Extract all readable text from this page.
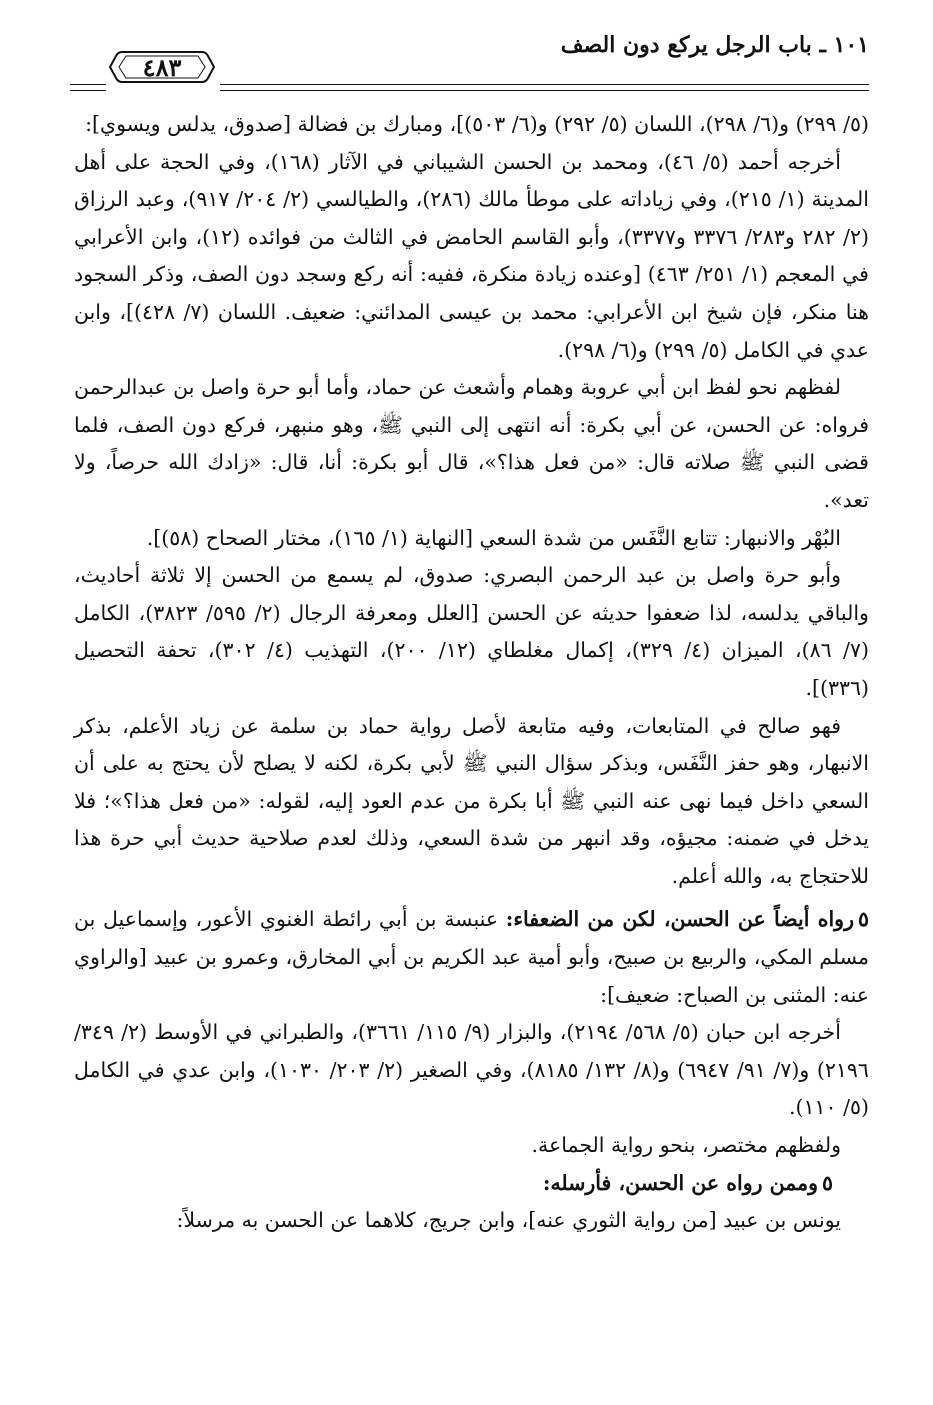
١٠١ ـ باب الرجل يركع دون الصف
٤٨٣

(٥/ ٢٩٩) و(٦/ ٢٩٨)، اللسان (٥/ ٢٩٢) و(٦/ ٥٠٣)]، ومبارك بن فضالة [صدوق، يدلس ويسوي]:

أخرجه أحمد (٥/ ٤٦)، ومحمد بن الحسن الشيباني في الآثار (١٦٨)، وفي الحجة على أهل المدينة (١/ ٢١٥)، وفي زياداته على موطأ مالك (٢٨٦)، والطيالسي (٢/ ٢٠٤/ ٩١٧)، وعبد الرزاق (٢/ ٢٨٢ و٢٨٣/ ٣٣٧٦ و٣٣٧٧)، وأبو القاسم الحامض في الثالث من فوائده (١٢)، وابن الأعرابي في المعجم (١/ ٢٥١/ ٤٦٣) [وعنده زيادة منكرة، ففيه: أنه ركع وسجد دون الصف، وذكر السجود هنا منكر، فإن شيخ ابن الأعرابي: محمد بن عيسى المدائني: ضعيف. اللسان (٧/ ٤٢٨)]، وابن عدي في الكامل (٥/ ٢٩٩) و(٦/ ٢٩٨).

لفظهم نحو لفظ ابن أبي عروبة وهمام وأشعث عن حماد، وأما أبو حرة واصل بن عبدالرحمن فرواه: عن الحسن، عن أبي بكرة: أنه انتهى إلى النبي ﷺ، وهو منبهر، فركع دون الصف، فلما قضى النبي ﷺ صلاته قال: «من فعل هذا؟»، قال أبو بكرة: أنا، قال: «زادك الله حرصاً، ولا تعد».

البُهْر والانبهار: تتابع النَّفَس من شدة السعي [النهاية (١/ ١٦٥)، مختار الصحاح (٥٨)].

وأبو حرة واصل بن عبد الرحمن البصري: صدوق، لم يسمع من الحسن إلا ثلاثة أحاديث، والباقي يدلسه، لذا ضعفوا حديثه عن الحسن [العلل ومعرفة الرجال (٢/ ٥٩٥/ ٣٨٢٣)، الكامل (٧/ ٨٦)، الميزان (٤/ ٣٢٩)، إكمال مغلطاي (١٢/ ٢٠٠)، التهذيب (٤/ ٣٠٢)، تحفة التحصيل (٣٣٦)].

فهو صالح في المتابعات، وفيه متابعة لأصل رواية حماد بن سلمة عن زياد الأعلم، بذكر الانبهار، وهو حفز النَّفَس، وبذكر سؤال النبي ﷺ لأبي بكرة، لكنه لا يصلح لأن يحتج به على أن السعي داخل فيما نهى عنه النبي ﷺ أبا بكرة من عدم العود إليه، لقوله: «من فعل هذا؟»؛ فلا يدخل في ضمنه: مجيؤه، وقد انبهر من شدة السعي، وذلك لعدم صلاحية حديث أبي حرة هذا للاحتجاج به، والله أعلم.

٥رواه أيضاً عن الحسن، لكن من الضعفاء: عنبسة بن أبي رائطة الغنوي الأعور، وإسماعيل بن مسلم المكي، والربيع بن صبيح، وأبو أمية عبد الكريم بن أبي المخارق، وعمرو بن عبيد [والراوي عنه: المثنى بن الصباح: ضعيف]:

أخرجه ابن حبان (٥/ ٥٦٨/ ٢١٩٤)، والبزار (٩/ ١١٥/ ٣٦٦١)، والطبراني في الأوسط (٢/ ٣٤٩/ ٢١٩٦) و(٧/ ٩١/ ٦٩٤٧) و(٨/ ١٣٢/ ٨١٨٥)، وفي الصغير (٢/ ٢٠٣/ ١٠٣٠)، وابن عدي في الكامل (٥/ ١١٠).

ولفظهم مختصر، بنحو رواية الجماعة.

٥وممن رواه عن الحسن، فأرسله:

يونس بن عبيد [من رواية الثوري عنه]، وابن جريج، كلاهما عن الحسن به مرسلاً:
